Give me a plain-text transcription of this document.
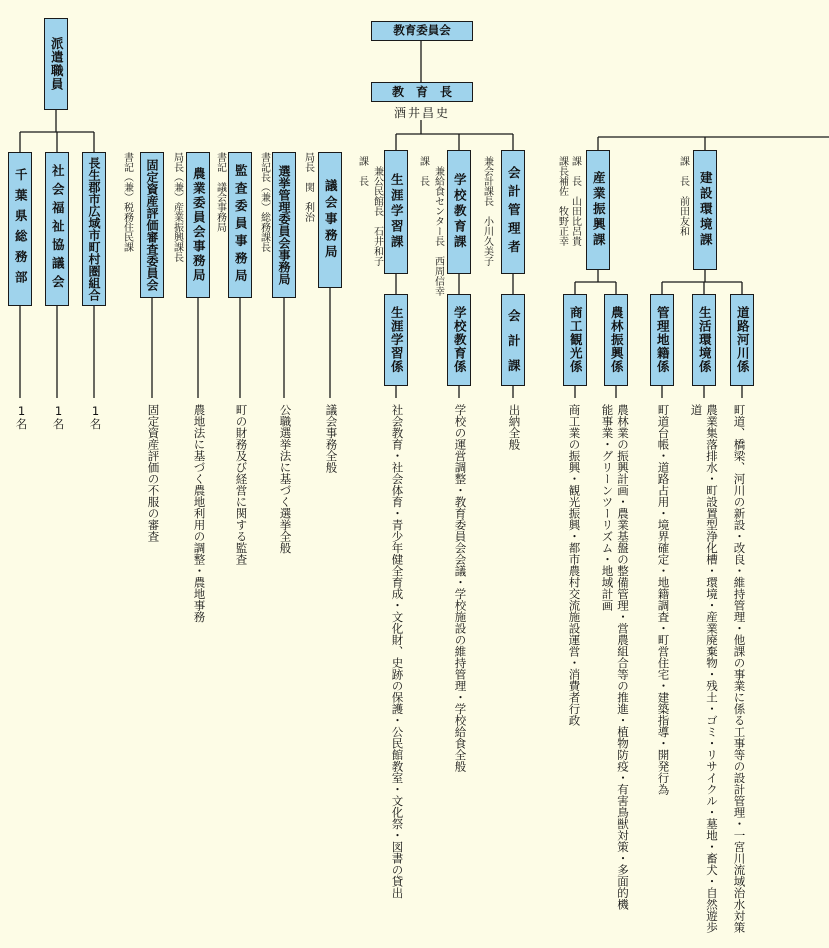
派遣職員
千葉県総務部 社会福祉協議会 長生郡市広域市町村圏組合
1名 1名 1名
書記（兼）税務住民課 固定資産評価審査委員会
固定資産評価の不服の審査
局長（兼）産業振興課長 農業委員会事務局
農地法に基づく農地利用の調整・農地事務
書記　議会事務局 監査委員事務局
町の財務及び経営に関する監査
書記長（兼）総務課長 選挙管理委員会事務局
公職選挙法に基づく選挙全般
局長　関　利治 議会事務局
議会事務全般
教育委員会
教　育　長
酒井昌史
課　長 兼公民館長　石井和子 生涯学習課
生涯学習係
社会教育・社会体育・青少年健全育成・文化財、史跡の保護・公民館教室・文化祭・図書の貸出
課　長 兼給食センター長　西周信幸 学校教育課
学校教育係
学校の運営調整・教育委員会会議・学校施設の維持管理・学校給食全般
兼会計課長　小川久美子 会計管理者
会　計　課
出納全般
課　長　山田比呂貴
課長補佐　牧野正幸 産業振興課
商工観光係 農林振興係
商工業の振興・観光振興・都市農村交流施設運営・消費者行政	農林業の振興計画・農業基盤の整備管理・営農組合等の推進・植物防疫・有害鳥獣対策・多面的機能事業・グリーンツーリズム・地域計画
課　長　前田友和 建設環境課
管理地籍係 生活環境係 道路河川係
町道台帳・道路占用・境界確定・地籍調査・町営住宅・建築指導・開発行為	農業集落排水・町設置型浄化槽・環境・産業廃棄物・残土・ゴミ・リサイクル・墓地・畜犬・自然遊歩道	町道、橋梁、河川の新設・改良・維持管理・他課の事業に係る工事等の設計管理・一宮川流域治水対策
